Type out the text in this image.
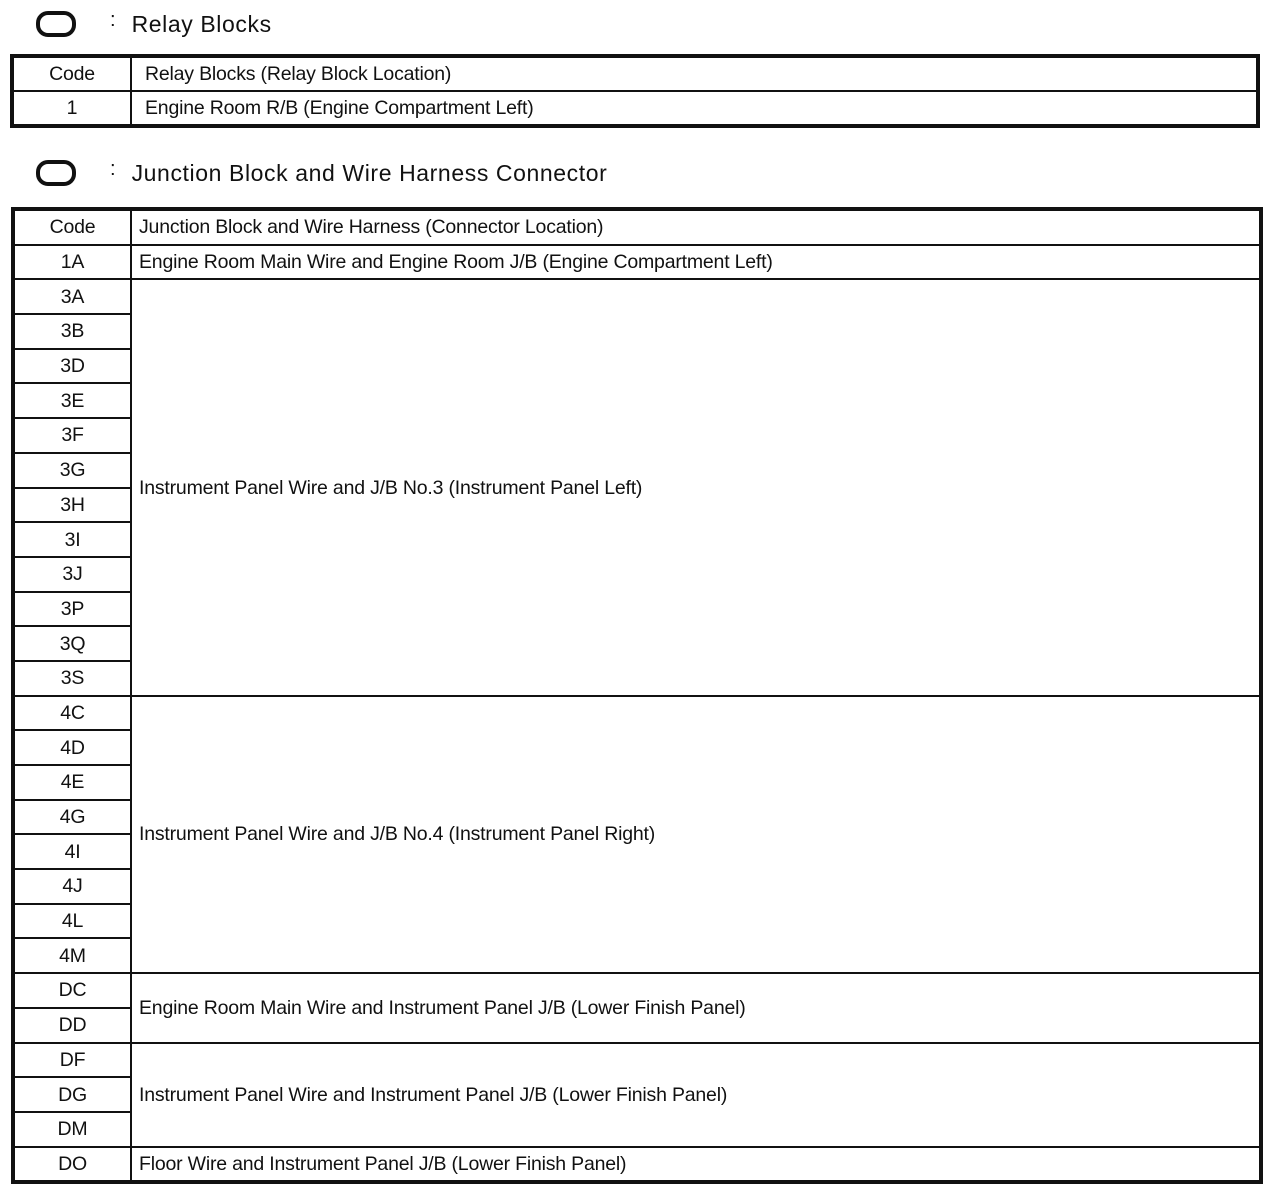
: Relay Blocks
Code	Relay Blocks (Relay Block Location)
1	Engine Room R/B (Engine Compartment Left)
: Junction Block and Wire Harness Connector
Code	Junction Block and Wire Harness (Connector Location)
1A	Engine Room Main Wire and Engine Room J/B (Engine Compartment Left)
3A	Instrument Panel Wire and J/B No.3 (Instrument Panel Left)
3B	
3D	
3E	
3F	
3G	
3H	
3I	
3J	
3P	
3Q	
3S	
4C	Instrument Panel Wire and J/B No.4 (Instrument Panel Right)
4D	
4E	
4G	
4I	
4J	
4L	
4M	
DC	Engine Room Main Wire and Instrument Panel J/B (Lower Finish Panel)
DD	
DF	Instrument Panel Wire and Instrument Panel J/B (Lower Finish Panel)
DG	
DM	
DO	Floor Wire and Instrument Panel J/B (Lower Finish Panel)
